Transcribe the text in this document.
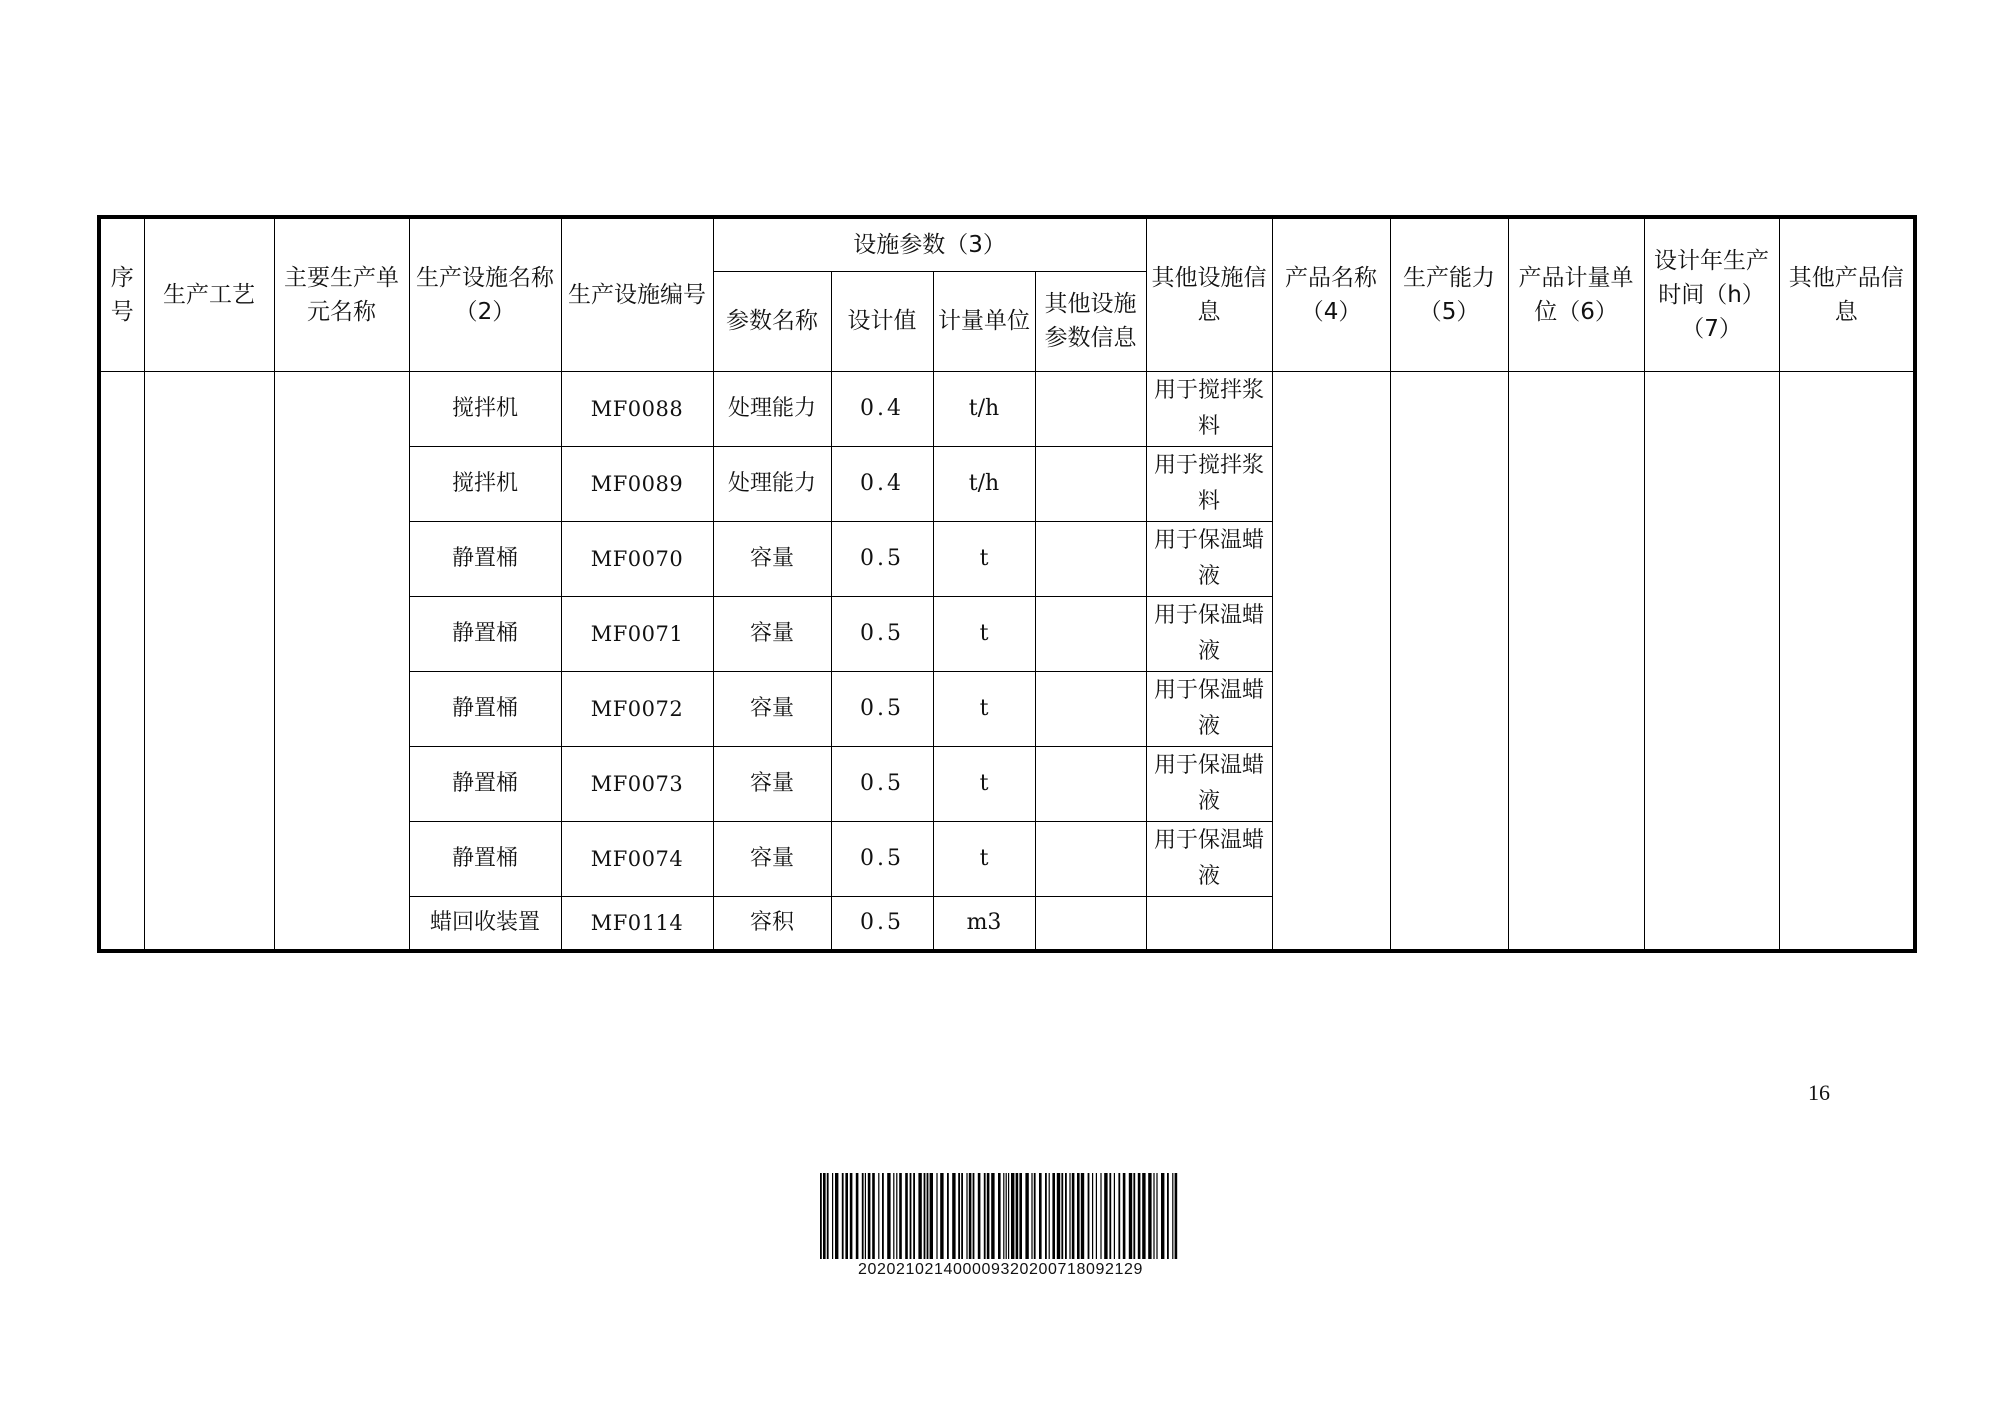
序号	生产工艺	主要生产单元名称	生产设施名称（2）	生产设施编号	设施参数（3）				其他设施信息	产品名称（4）	生产能力（5）	产品计量单位（6）	设计年生产时间（h）（7）	其他产品信息
					参数名称	设计值	计量单位	其他设施参数信息						
			搅拌机	MF0088	处理能力	0.4	t/h		用于搅拌浆料					
			搅拌机	MF0089	处理能力	0.4	t/h		用于搅拌浆料					
			静置桶	MF0070	容量	0.5	t		用于保温蜡液					
			静置桶	MF0071	容量	0.5	t		用于保温蜡液					
			静置桶	MF0072	容量	0.5	t		用于保温蜡液					
			静置桶	MF0073	容量	0.5	t		用于保温蜡液					
			静置桶	MF0074	容量	0.5	t		用于保温蜡液					
			蜡回收装置	MF0114	容积	0.5	m3							
16
202021021400009320200718092129
